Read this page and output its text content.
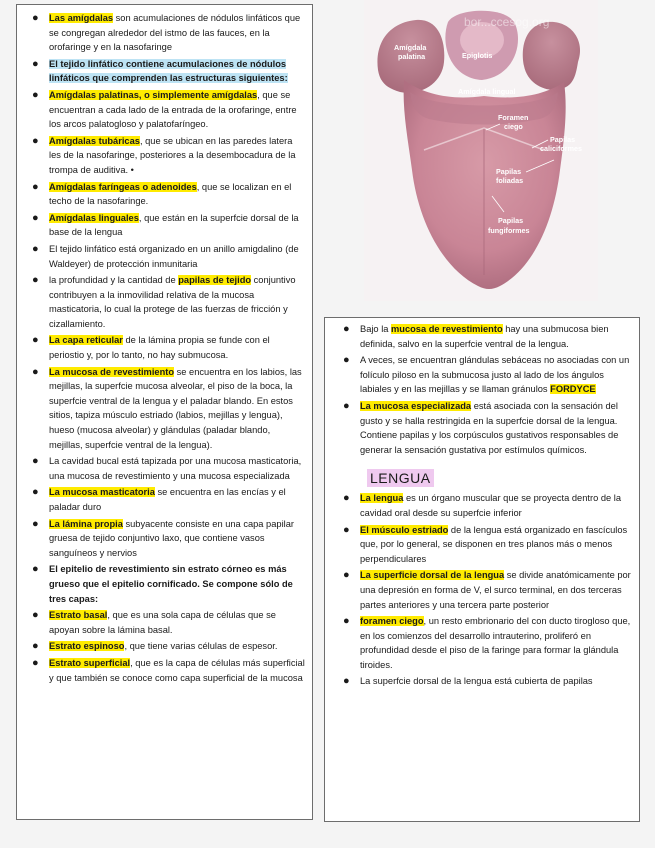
bor...ccesog.org
Amígdala
palatina	Epiglotis
Amígdala lingual
Foramen
ciego
Papilas
caliciformes
Papilas
foliadas
Papilas
fungiformes
● Las amígdalas son acumulaciones de nódulos linfáticos que se congregan alrededor del istmo de las fauces, en la orofaringe y en la nasofaringe
● El tejido linfático contiene acumulaciones de nódulos linfáticos que comprenden las estructuras siguientes:
● Amígdalas palatinas, o simplemente amígdalas, que se encuentran a cada lado de la entrada de la orofaringe, entre los arcos palatogloso y palatofaríngeo.
● Amígdalas tubáricas, que se ubican en las paredes latera les de la nasofaringe, posteriores a la desembocadura de la trompa de auditiva. •
● Amígdalas faríngeas o adenoides, que se localizan en el techo de la nasofaringe.
● Amígdalas linguales, que están en la superfcie dorsal de la base de la lengua
● El tejido linfático está organizado en un anillo amigdalino (de Waldeyer) de protección inmunitaria
● la profundidad y la cantidad de papilas de tejido conjuntivo contribuyen a la inmovilidad relativa de la mucosa masticatoria, lo cual la protege de las fuerzas de fricción y cizallamiento.
● La capa reticular de la lámina propia se funde con el periostio y, por lo tanto, no hay submucosa.
● La mucosa de revestimiento se encuentra en los labios, las mejillas, la superfcie mucosa alveolar, el piso de la boca, la superfcie ventral de la lengua y el paladar blando. En estos sitios, tapiza músculo estriado (labios, mejillas y lengua), hueso (mucosa alveolar) y glándulas (paladar blando, mejillas, superfcie ventral de la lengua).
● La cavidad bucal está tapizada por una mucosa masticatoria, una mucosa de revestimiento y una mucosa especializada
● La mucosa masticatoria se encuentra en las encías y el paladar duro
● La lámina propia subyacente consiste en una capa papilar gruesa de tejido conjuntivo laxo, que contiene vasos sanguíneos y nervios
● El epitelio de revestimiento sin estrato córneo es más grueso que el epitelio cornificado. Se compone sólo de tres capas:
● Estrato basal, que es una sola capa de células que se apoyan sobre la lámina basal.
● Estrato espinoso, que tiene varias células de espesor.
● Estrato superficial, que es la capa de células más superficial y que también se conoce como capa superficial de la mucosa
● Bajo la mucosa de revestimiento hay una submucosa bien definida, salvo en la superfcie ventral de la lengua.
● A veces, se encuentran glándulas sebáceas no asociadas con un folículo piloso en la submucosa justo al lado de los ángulos labiales y en las mejillas y se llaman gránulos FORDYCE
● La mucosa especializada está asociada con la sensación del gusto y se halla restringida en la superfcie dorsal de la lengua. Contiene papilas y los corpúsculos gustativos responsables de generar la sensación gustativa por estímulos químicos.
LENGUA
● La lengua es un órgano muscular que se proyecta dentro de la cavidad oral desde su superfcie inferior
● El músculo estriado de la lengua está organizado en fascículos que, por lo general, se disponen en tres planos más o menos perpendiculares
● La superficie dorsal de la lengua se divide anatómicamente por una depresión en forma de V, el surco terminal, en dos terceras partes anteriores y una tercera parte posterior
● foramen ciego, un resto embrionario del con ducto tirogloso que, en los comienzos del desarrollo intrauterino, proliferó en profundidad desde el piso de la faringe para formar la glándula tiroides.
● La superfcie dorsal de la lengua está cubierta de papilas
